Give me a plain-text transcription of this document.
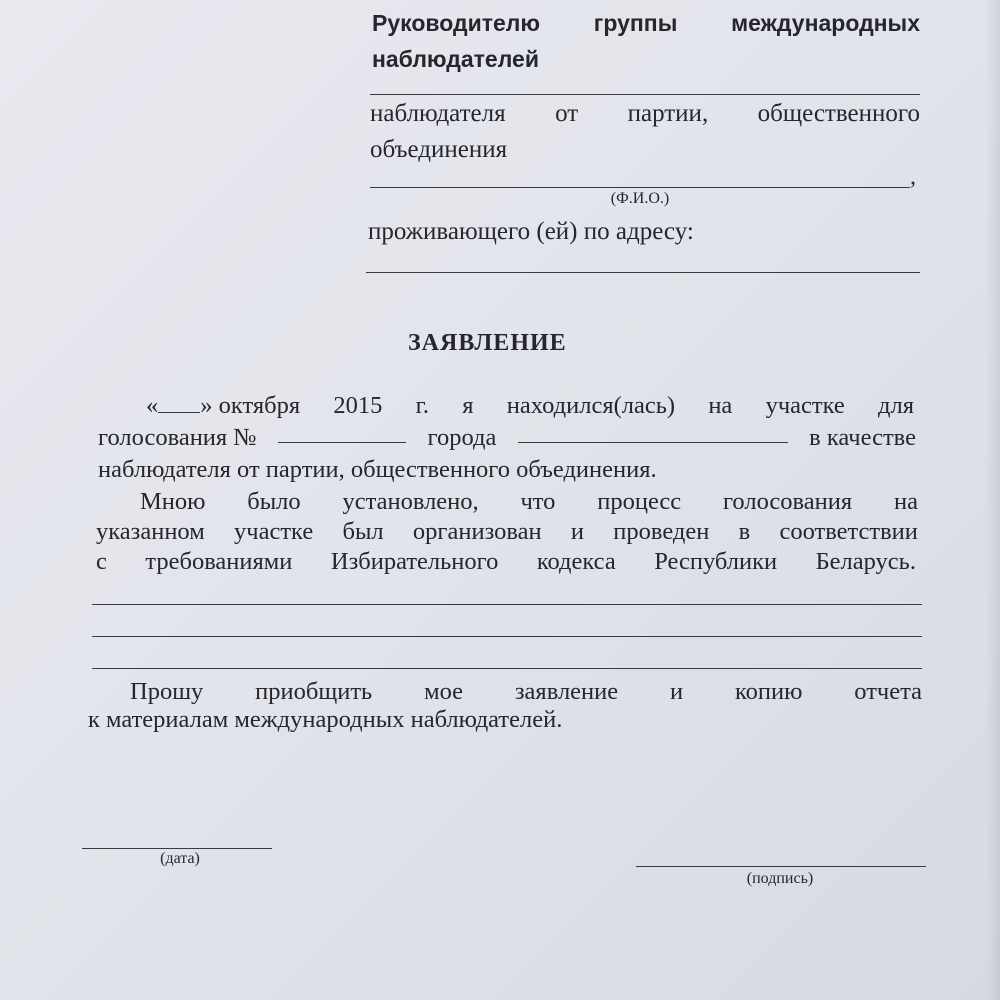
Руководителю группы международных
наблюдателей
наблюдателя от партии, общественного
объединения
,
(Ф.И.О.)
проживающего (ей) по адресу:
ЗАЯВЛЕНИЕ
« » октября 2015 г. я находился(лась) на участке для
голосования №	города	в качестве
наблюдателя от партии, общественного объединения.
Мною было установлено, что процесс голосования на
указанном участке был организован и проведен в соответствии
с требованиями Избирательного кодекса Республики Беларусь.
Прошу приобщить мое заявление и копию отчета
к материалам международных наблюдателей.
(дата)
(подпись)
